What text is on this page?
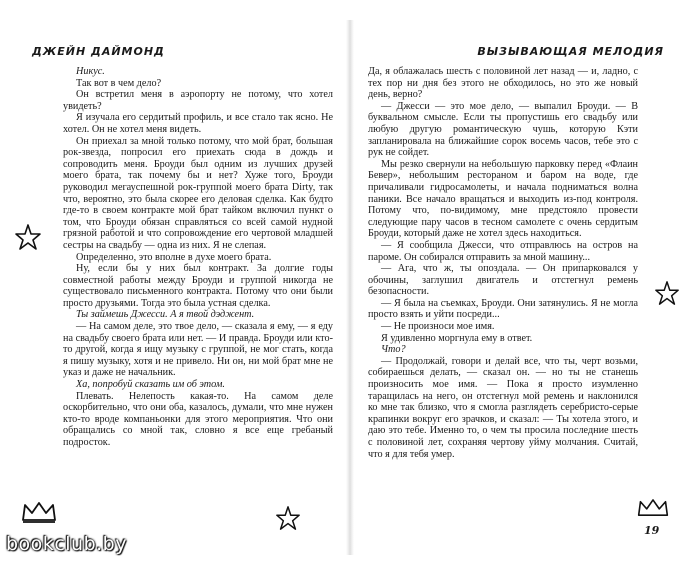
ДЖЕЙН ДАЙМОНД	ВЫЗЫВАЮЩАЯ МЕЛОДИЯ

Никус.

Так вот в чем дело?

Он встретил меня в аэропорту не потому, что хотел увидеть?

Я изучала его сердитый профиль, и все стало так ясно. Не хотел. Он не хотел меня видеть.

Он приехал за мной только потому, что мой брат, большая рок-звезда, попросил его приехать сюда в дождь и сопроводить меня. Броуди был одним из лучших друзей моего брата, так почему бы и нет? Хуже того, Броуди руководил мегауспешной рок-группой моего брата Dirty, так что, вероятно, это была скорее его деловая сделка. Как будто где-то в своем контракте мой брат тайком включил пункт о том, что Броуди обязан справляться со всей самой нудной грязной работой и что сопровождение его чертовой младшей сестры на свадьбу — одна из них. Я не слепая.

Определенно, это вполне в духе моего брата.

Ну, если бы у них был контракт. За долгие годы совместной работы между Броуди и группой никогда не существовало письменного контракта. Потому что они были просто друзьями. Тогда это была устная сделка.

Ты займешь Джесси. А я твой дэджент.

— На самом деле, это твое дело, — сказала я ему, — я еду на свадьбу своего брата или нет. — И правда. Броуди или кто-то другой, когда я ищу музыку с группой, не мог стать, когда я пишу музыку, хотя и не привело. Ни он, ни мой брат мне не указ и даже не начальник.

Ха, попробуй сказать им об этом.

Плевать. Нелепость какая-то. На самом деле оскорбительно, что они оба, казалось, думали, что мне нужен кто-то вроде компаньонки для этого мероприятия. Что они обращались со мной так, словно я все еще гребаный подросток.

Да, я облажалась шесть с половиной лет назад — и, ладно, с тех пор ни дня без этого не обходилось, но это же новый день, верно?

— Джесси — это мое дело, — выпалил Броуди. — В буквальном смысле. Если ты пропустишь его свадьбу или любую другую романтическую чушь, которую Кэти запланировала на ближайшие сорок восемь часов, тебе это с рук не сойдет.

Мы резко свернули на небольшую парковку перед «Флаин Бевер», небольшим рестораном и баром на воде, где причаливали гидросамолеты, и начала подниматься волна паники. Все начало вращаться и выходить из-под контроля. Потому что, по-видимому, мне предстояло провести следующие пару часов в тесном самолете с очень сердитым Броуди, который даже не хотел здесь находиться.

— Я сообщила Джесси, что отправлюсь на остров на пароме. Он собирался отправить за мной машину...

— Ага, что ж, ты опоздала. — Он припарковался у обочины, заглушил двигатель и отстегнул ремень безопасности.

— Я была на съемках, Броуди. Они затянулись. Я не могла просто взять и уйти посреди...

— Не произноси мое имя.

Я удивленно моргнула ему в ответ.

Что?

— Продолжай, говори и делай все, что ты, черт возьми, собираешься делать, — сказал он. — но ты не станешь произносить мое имя. — Пока я просто изумленно таращилась на него, он отстегнул мой ремень и наклонился ко мне так близко, что я смогла разглядеть серебристо-серые крапинки вокруг его зрачков, и сказал: — Ты хотела этого, и даю это тебе. Именно то, о чем ты просила последние шесть с половиной лет, сохраняя чертову уйму молчания. Считай, что я для тебя умер.

19
bookclub.by
